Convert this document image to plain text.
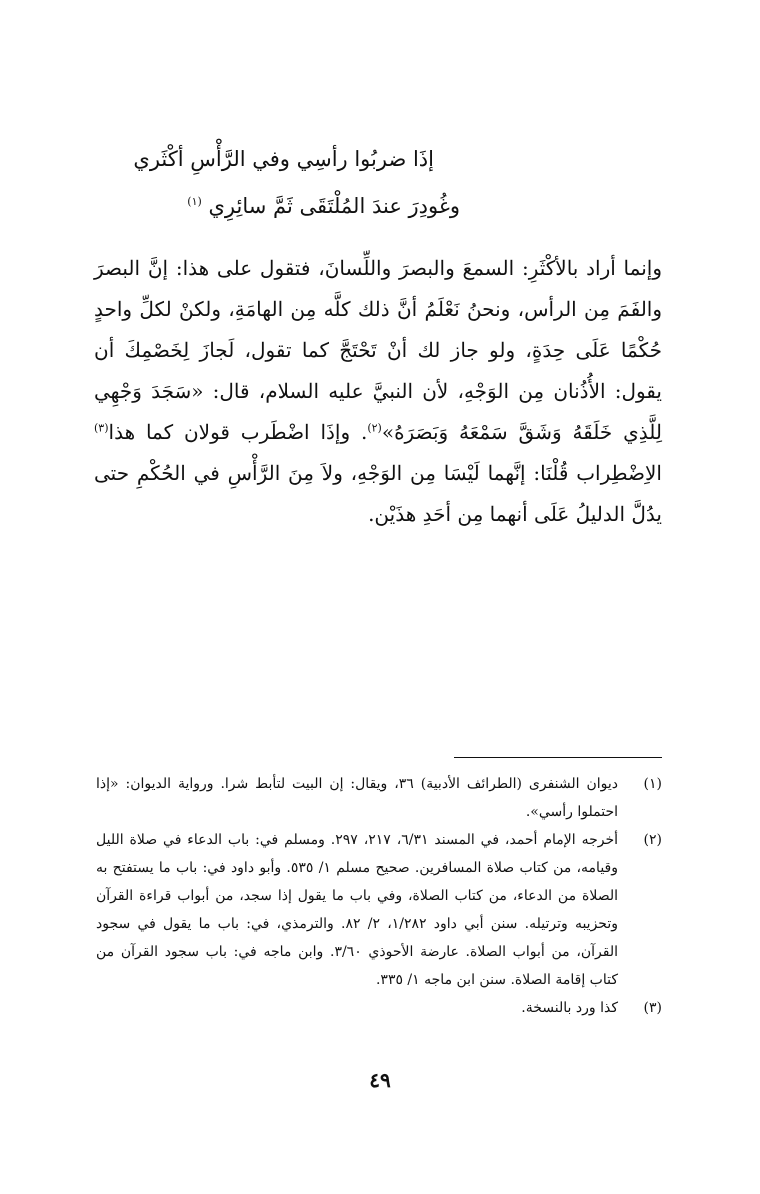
إذَا ضربُوا رأسِي وفي الرَّأْسِ أكْثَري
وغُودِرَ عندَ المُلْتَقَى ثَمَّ سائِرِي $^{(١)}$

وإنما أراد بالأكْثَرِ: السمعَ والبصرَ واللِّسانَ، فتقول على هذا: إنَّ البصرَ والفَمَ مِن الرأس، ونحنُ نَعْلَمُ أنَّ ذلك كلَّه مِن الهامَةِ، ولكنْ لكلِّ واحدٍ حُكْمًا عَلَى حِدَةٍ، ولو جاز لك أنْ تَحْتَجَّ كما تقول، لَجازَ لِخَصْمِكَ أن يقول: الأُذُنان مِن الوَجْهِ، لأن النبيَّ عليه السلام، قال: «سَجَدَ وَجْهِي لِلَّذِي خَلَقَهُ وَشَقَّ سَمْعَهُ وَبَصَرَهُ»$^{(٢)}$. وإذَا اضْطَرب قولان كما هذا$^{(٣)}$ الاِضْطِراب قُلْنَا: إنَّهما لَيْسَا مِن الوَجْهِ، ولاَ مِنَ الرَّأْسِ في الحُكْمِ حتى يدُلَّ الدليلُ عَلَى أنهما مِن أحَدِ هذَيْن.

(١)
ديوان الشنفرى (الطرائف الأدبية) ٣٦، ويقال: إن البيت لتأبط شرا. ورواية الديوان: «إذا احتملوا رأسي».
(٢)
أخرجه الإمام أحمد، في المسند ٦/٣١، ٢١٧، ٢٩٧. ومسلم في: باب الدعاء في صلاة الليل وقيامه، من كتاب صلاة المسافرين. صحيح مسلم ١/ ٥٣٥. وأبو داود في: باب ما يستفتح به الصلاة من الدعاء، من كتاب الصلاة، وفي باب ما يقول إذا سجد، من أبواب قراءة القرآن وتحزيبه وترتيله. سنن أبي داود ١/٢٨٢، ٢/ ٨٢. والترمذي، في: باب ما يقول في سجود القرآن، من أبواب الصلاة. عارضة الأحوذي ٣/٦٠. وابن ماجه في: باب سجود القرآن من كتاب إقامة الصلاة. سنن ابن ماجه ١/ ٣٣٥.
(٣)
كذا ورد بالنسخة.
٤٩
